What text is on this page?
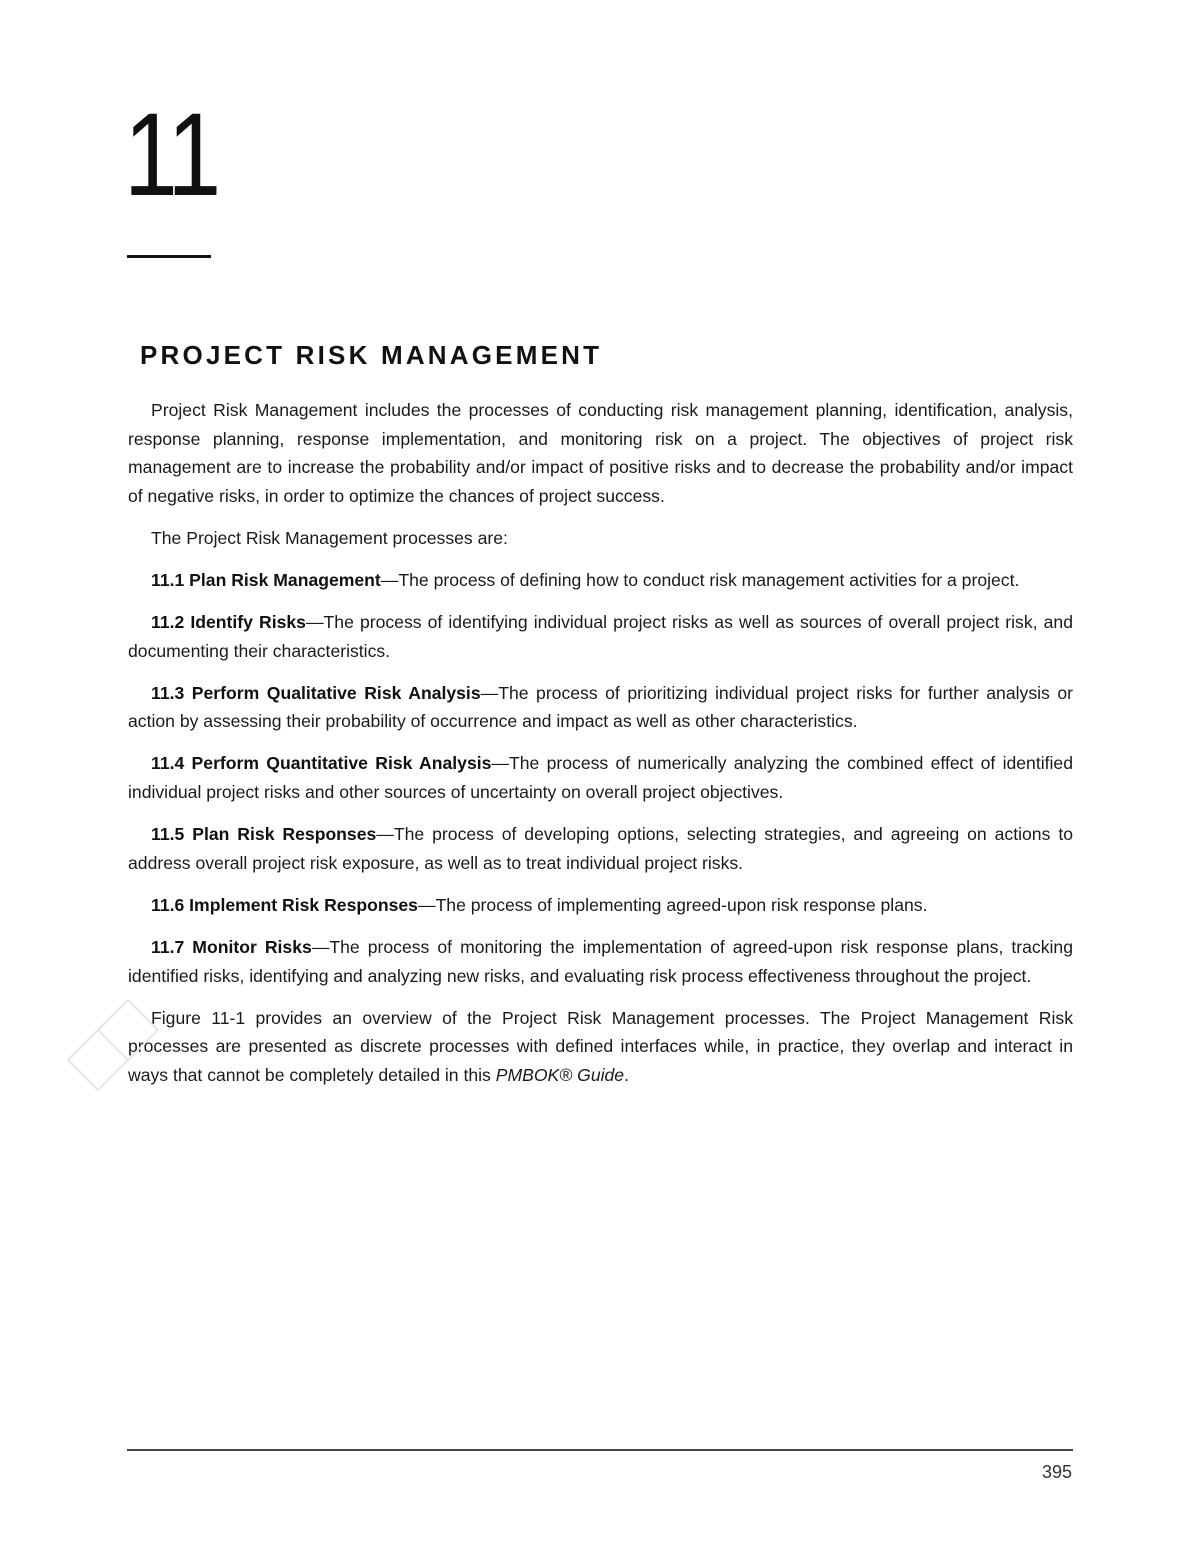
11
PROJECT RISK MANAGEMENT

Project Risk Management includes the processes of conducting risk management planning, identification, analysis, response planning, response implementation, and monitoring risk on a project. The objectives of project risk management are to increase the probability and/or impact of positive risks and to decrease the probability and/or impact of negative risks, in order to optimize the chances of project success.

The Project Risk Management processes are:

11.1 Plan Risk Management—The process of defining how to conduct risk management activities for a project.

11.2 Identify Risks—The process of identifying individual project risks as well as sources of overall project risk, and documenting their characteristics.

11.3 Perform Qualitative Risk Analysis—The process of prioritizing individual project risks for further analysis or action by assessing their probability of occurrence and impact as well as other characteristics.

11.4 Perform Quantitative Risk Analysis—The process of numerically analyzing the combined effect of identified individual project risks and other sources of uncertainty on overall project objectives.

11.5 Plan Risk Responses—The process of developing options, selecting strategies, and agreeing on actions to address overall project risk exposure, as well as to treat individual project risks.

11.6 Implement Risk Responses—The process of implementing agreed-upon risk response plans.

11.7 Monitor Risks—The process of monitoring the implementation of agreed-upon risk response plans, tracking identified risks, identifying and analyzing new risks, and evaluating risk process effectiveness throughout the project.

Figure 11-1 provides an overview of the Project Risk Management processes. The Project Management Risk processes are presented as discrete processes with defined interfaces while, in practice, they overlap and interact in ways that cannot be completely detailed in this PMBOK® Guide.

395
